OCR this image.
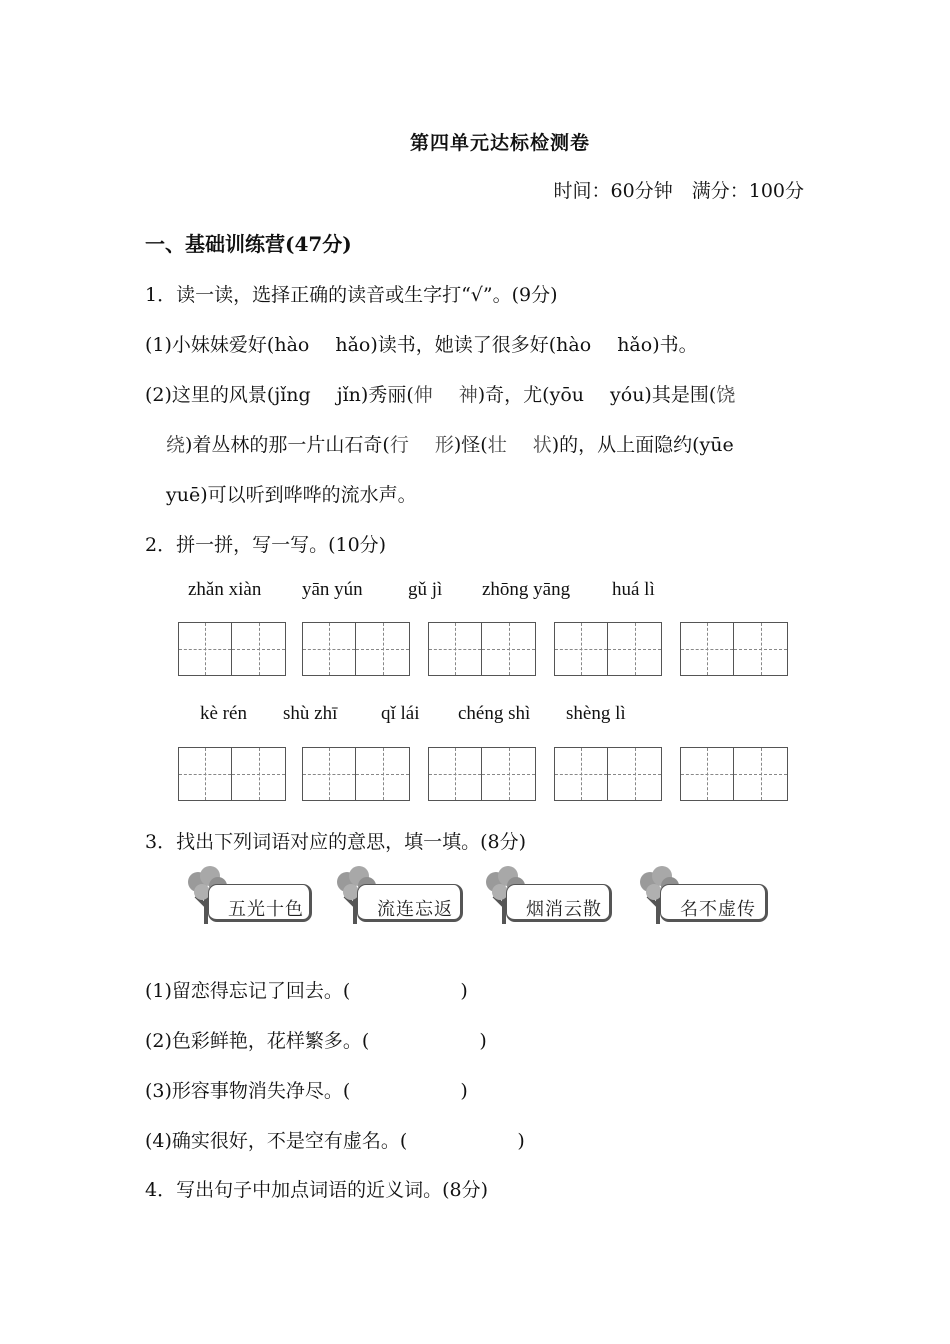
第四单元达标检测卷
时间：60分钟　满分：100分
一、基础训练营(47分)
1．读一读，选择正确的读音或生字打“√”。(9分)
(1)小妹妹爱好(hào hǎo)读书，她读了很多好(hào hǎo)书。
(2)这里的风景(jǐng jǐn)秀丽(伸 神)奇，尤(yōu yóu)其是围(饶
绕)着丛林的那一片山石奇(行 形)怪(壮 状)的，从上面隐约(yūe
yuē)可以听到哗哗的流水声。
2．拼一拼，写一写。(10分)
zhǎn xiàn yān yún gǔ jì zhōng yāng huá lì
kè rén shù zhī qǐ lái chéng shì shèng lì
3．找出下列词语对应的意思，填一填。(8分)
五光十色	流连忘返	烟消云散	名不虚传
(1)留恋得忘记了回去。(	)
(2)色彩鲜艳，花样繁多。(	)
(3)形容事物消失净尽。(	)
(4)确实很好，不是空有虚名。(	)
4．写出句子中加点词语的近义词。(8分)
